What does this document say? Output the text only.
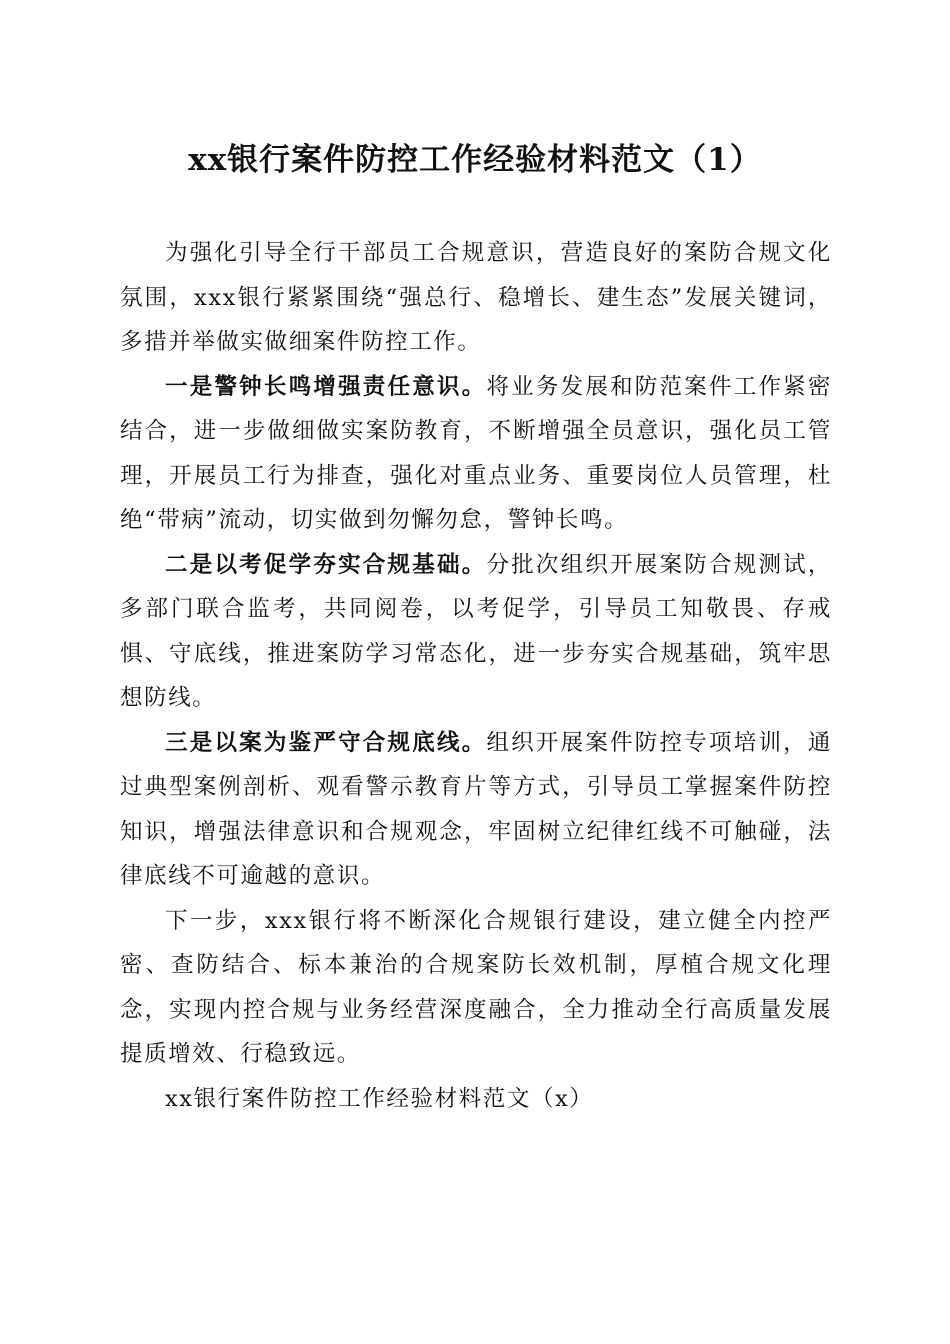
xx银行案件防控工作经验材料范文（1）

为强化引导全行干部员工合规意识，营造良好的案防合规文化氛围，xxx银行紧紧围绕“强总行、稳增长、建生态”发展关键词，多措并举做实做细案件防控工作。

一是警钟长鸣增强责任意识。将业务发展和防范案件工作紧密结合，进一步做细做实案防教育，不断增强全员意识，强化员工管理，开展员工行为排查，强化对重点业务、重要岗位人员管理，杜绝“带病”流动，切实做到勿懈勿怠，警钟长鸣。

二是以考促学夯实合规基础。分批次组织开展案防合规测试，多部门联合监考，共同阅卷，以考促学，引导员工知敬畏、存戒惧、守底线，推进案防学习常态化，进一步夯实合规基础，筑牢思想防线。

三是以案为鉴严守合规底线。组织开展案件防控专项培训，通过典型案例剖析、观看警示教育片等方式，引导员工掌握案件防控知识，增强法律意识和合规观念，牢固树立纪律红线不可触碰，法律底线不可逾越的意识。

下一步，xxx银行将不断深化合规银行建设，建立健全内控严密、查防结合、标本兼治的合规案防长效机制，厚植合规文化理念，实现内控合规与业务经营深度融合，全力推动全行高质量发展提质增效、行稳致远。

xx银行案件防控工作经验材料范文（x）
